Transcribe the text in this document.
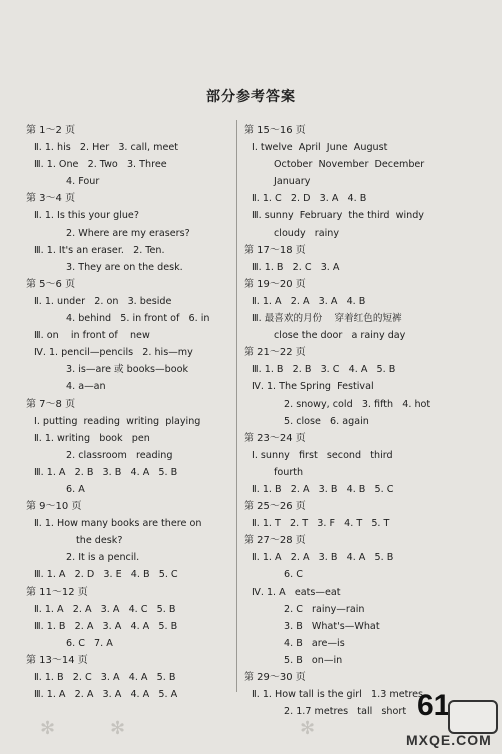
部分参考答案
第 1～2 页
Ⅱ. 1. his   2. Her   3. call, meet
Ⅲ. 1. One   2. Two   3. Three
4. Four
第 3～4 页
Ⅱ. 1. Is this your glue?
2. Where are my erasers?
Ⅲ. 1. It's an eraser.   2. Ten.
3. They are on the desk.
第 5～6 页
Ⅱ. 1. under   2. on   3. beside
4. behind   5. in front of   6. in
Ⅲ. on    in front of    new
Ⅳ. 1. pencil—pencils   2. his—my
3. is—are 或 books—book
4. a—an
第 7～8 页
Ⅰ. putting  reading  writing  playing
Ⅱ. 1. writing   book   pen
2. classroom   reading
Ⅲ. 1. A   2. B   3. B   4. A   5. B
6. A
第 9～10 页
Ⅱ. 1. How many books are there on
the desk?
2. It is a pencil.
Ⅲ. 1. A   2. D   3. E   4. B   5. C
第 11～12 页
Ⅱ. 1. A   2. A   3. A   4. C   5. B
Ⅲ. 1. B   2. A   3. A   4. A   5. B
6. C   7. A
第 13～14 页
Ⅱ. 1. B   2. C   3. A   4. A   5. B
Ⅲ. 1. A   2. A   3. A   4. A   5. A
第 15～16 页
Ⅰ. twelve  April  June  August
October  November  December
January
Ⅱ. 1. C   2. D   3. A   4. B
Ⅲ. sunny  February  the third  windy
cloudy   rainy
第 17～18 页
Ⅲ. 1. B   2. C   3. A
第 19～20 页
Ⅱ. 1. A   2. A   3. A   4. B
Ⅲ. 最喜欢的月份    穿着红色的短裤
close the door   a rainy day
第 21～22 页
Ⅲ. 1. B   2. B   3. C   4. A   5. B
Ⅳ. 1. The Spring  Festival
2. snowy, cold   3. fifth   4. hot
5. close   6. again
第 23～24 页
Ⅰ. sunny   first   second   third
fourth
Ⅱ. 1. B   2. A   3. B   4. B   5. C
第 25～26 页
Ⅱ. 1. T   2. T   3. F   4. T   5. T
第 27～28 页
Ⅱ. 1. A   2. A   3. B   4. A   5. B
6. C
Ⅳ. 1. A   eats—eat
2. C   rainy—rain
3. B   What's—What
4. B   are—is
5. B   on—in
第 29～30 页
Ⅱ. 1. How tall is the girl   1.3 metres
2. 1.7 metres   tall   short
✻	✻	✻
61
MXQE.COM
